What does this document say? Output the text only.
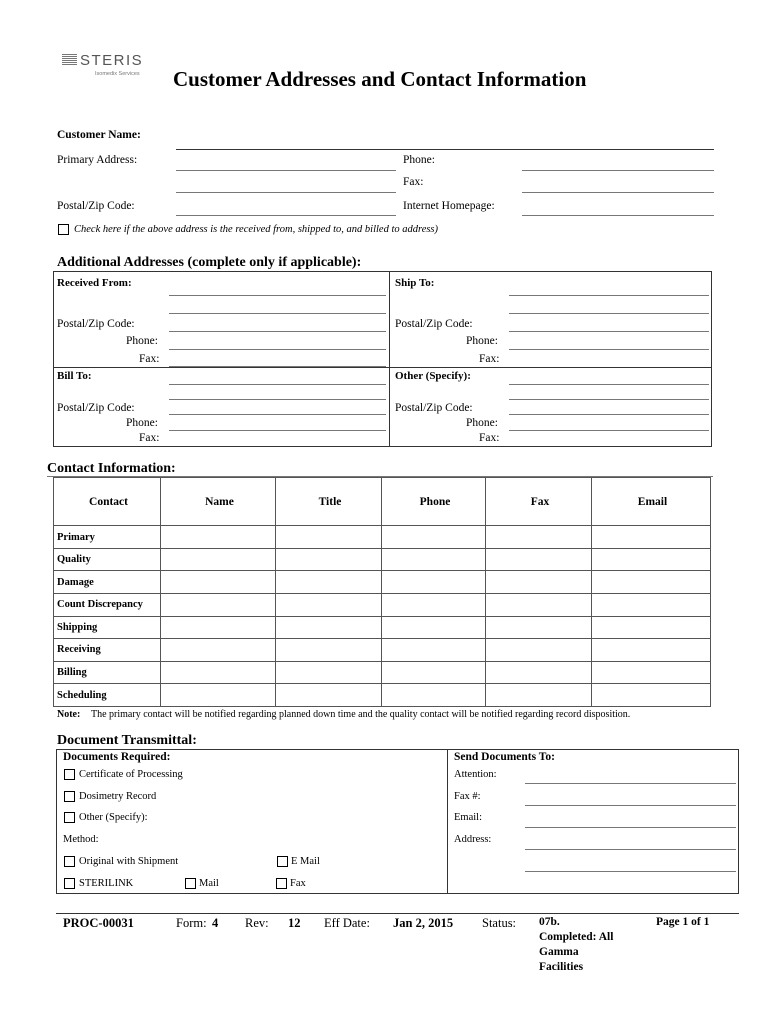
STERIS
Isomedix Services Customer Addresses and Contact Information
Customer Name:
Primary Address:	Phone:
Fax:
Postal/Zip Code:	Internet Homepage:
Check here if the above address is the received from, shipped to, and billed to address)
Additional Addresses (complete only if applicable):
Received From:
Postal/Zip Code:
Phone:
Fax:
Ship To:
Postal/Zip Code:
Phone:
Fax:
Bill To:
Postal/Zip Code:
Phone:
Fax:
Other (Specify):
Postal/Zip Code:
Phone:
Fax:
Contact Information:
Contact	Name	Title	Phone	Fax	Email
Primary					
Quality					
Damage					
Count Discrepancy					
Shipping					
Receiving					
Billing					
Scheduling					
Note: The primary contact will be notified regarding planned down time and the quality contact will be notified regarding record disposition.
Document Transmittal:
Documents Required:
Certificate of Processing
Dosimetry Record
Other (Specify):
Method:
Original with Shipment	E Mail
STERILINK	Mail	Fax
Send Documents To:
Attention:
Fax #:
Email:
Address:
PROC-00031	Form: 4 Rev: 12 Eff Date: Jan 2, 2015 Status: 07b.
Completed: All
Gamma
Facilities
Page 1 of 1
